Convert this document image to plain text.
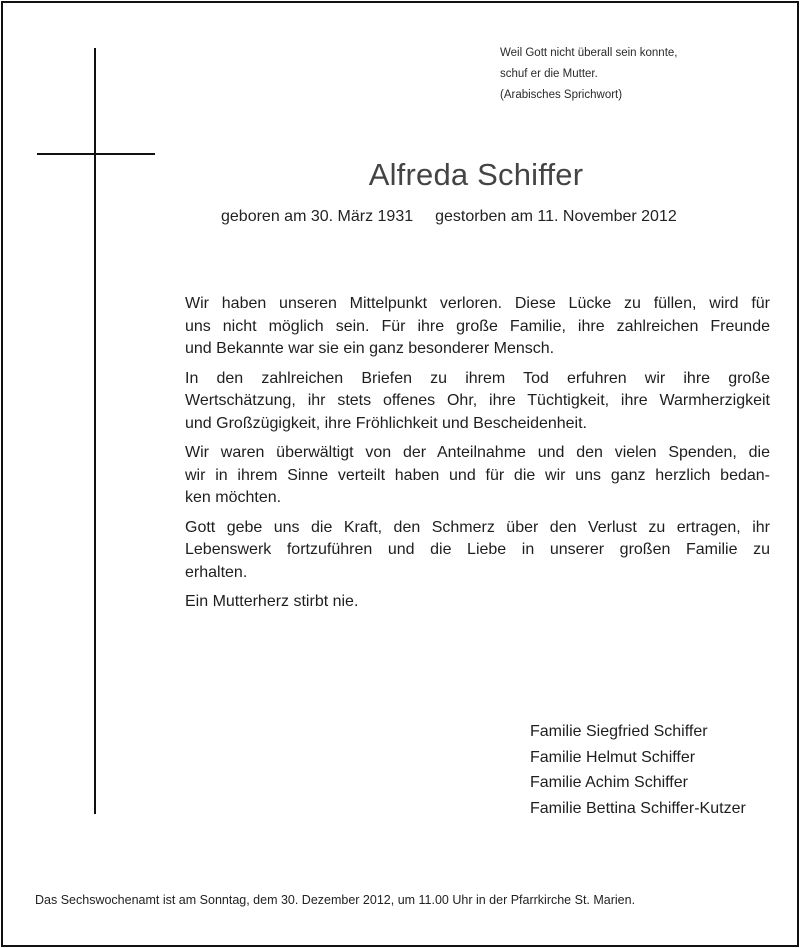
Weil Gott nicht überall sein konnte,
schuf er die Mutter.
(Arabisches Sprichwort)
Alfreda Schiffer
geboren am 30. März 1931 gestorben am 11. November 2012
Wir haben unseren Mittelpunkt verloren. Diese Lücke zu füllen, wird für
uns nicht möglich sein. Für ihre große Familie, ihre zahlreichen Freunde
und Bekannte war sie ein ganz besonderer Mensch.
In den zahlreichen Briefen zu ihrem Tod erfuhren wir ihre große
Wertschätzung, ihr stets offenes Ohr, ihre Tüchtigkeit, ihre Warmherzigkeit
und Großzügigkeit, ihre Fröhlichkeit und Bescheidenheit.
Wir waren überwältigt von der Anteilnahme und den vielen Spenden, die
wir in ihrem Sinne verteilt haben und für die wir uns ganz herzlich bedan-
ken möchten.
Gott gebe uns die Kraft, den Schmerz über den Verlust zu ertragen, ihr
Lebenswerk fortzuführen und die Liebe in unserer großen Familie zu
erhalten.
Ein Mutterherz stirbt nie.
Familie Siegfried Schiffer
Familie Helmut Schiffer
Familie Achim Schiffer
Familie Bettina Schiffer-Kutzer
Das Sechswochenamt ist am Sonntag, dem 30. Dezember 2012, um 11.00 Uhr in der Pfarrkirche St. Marien.
